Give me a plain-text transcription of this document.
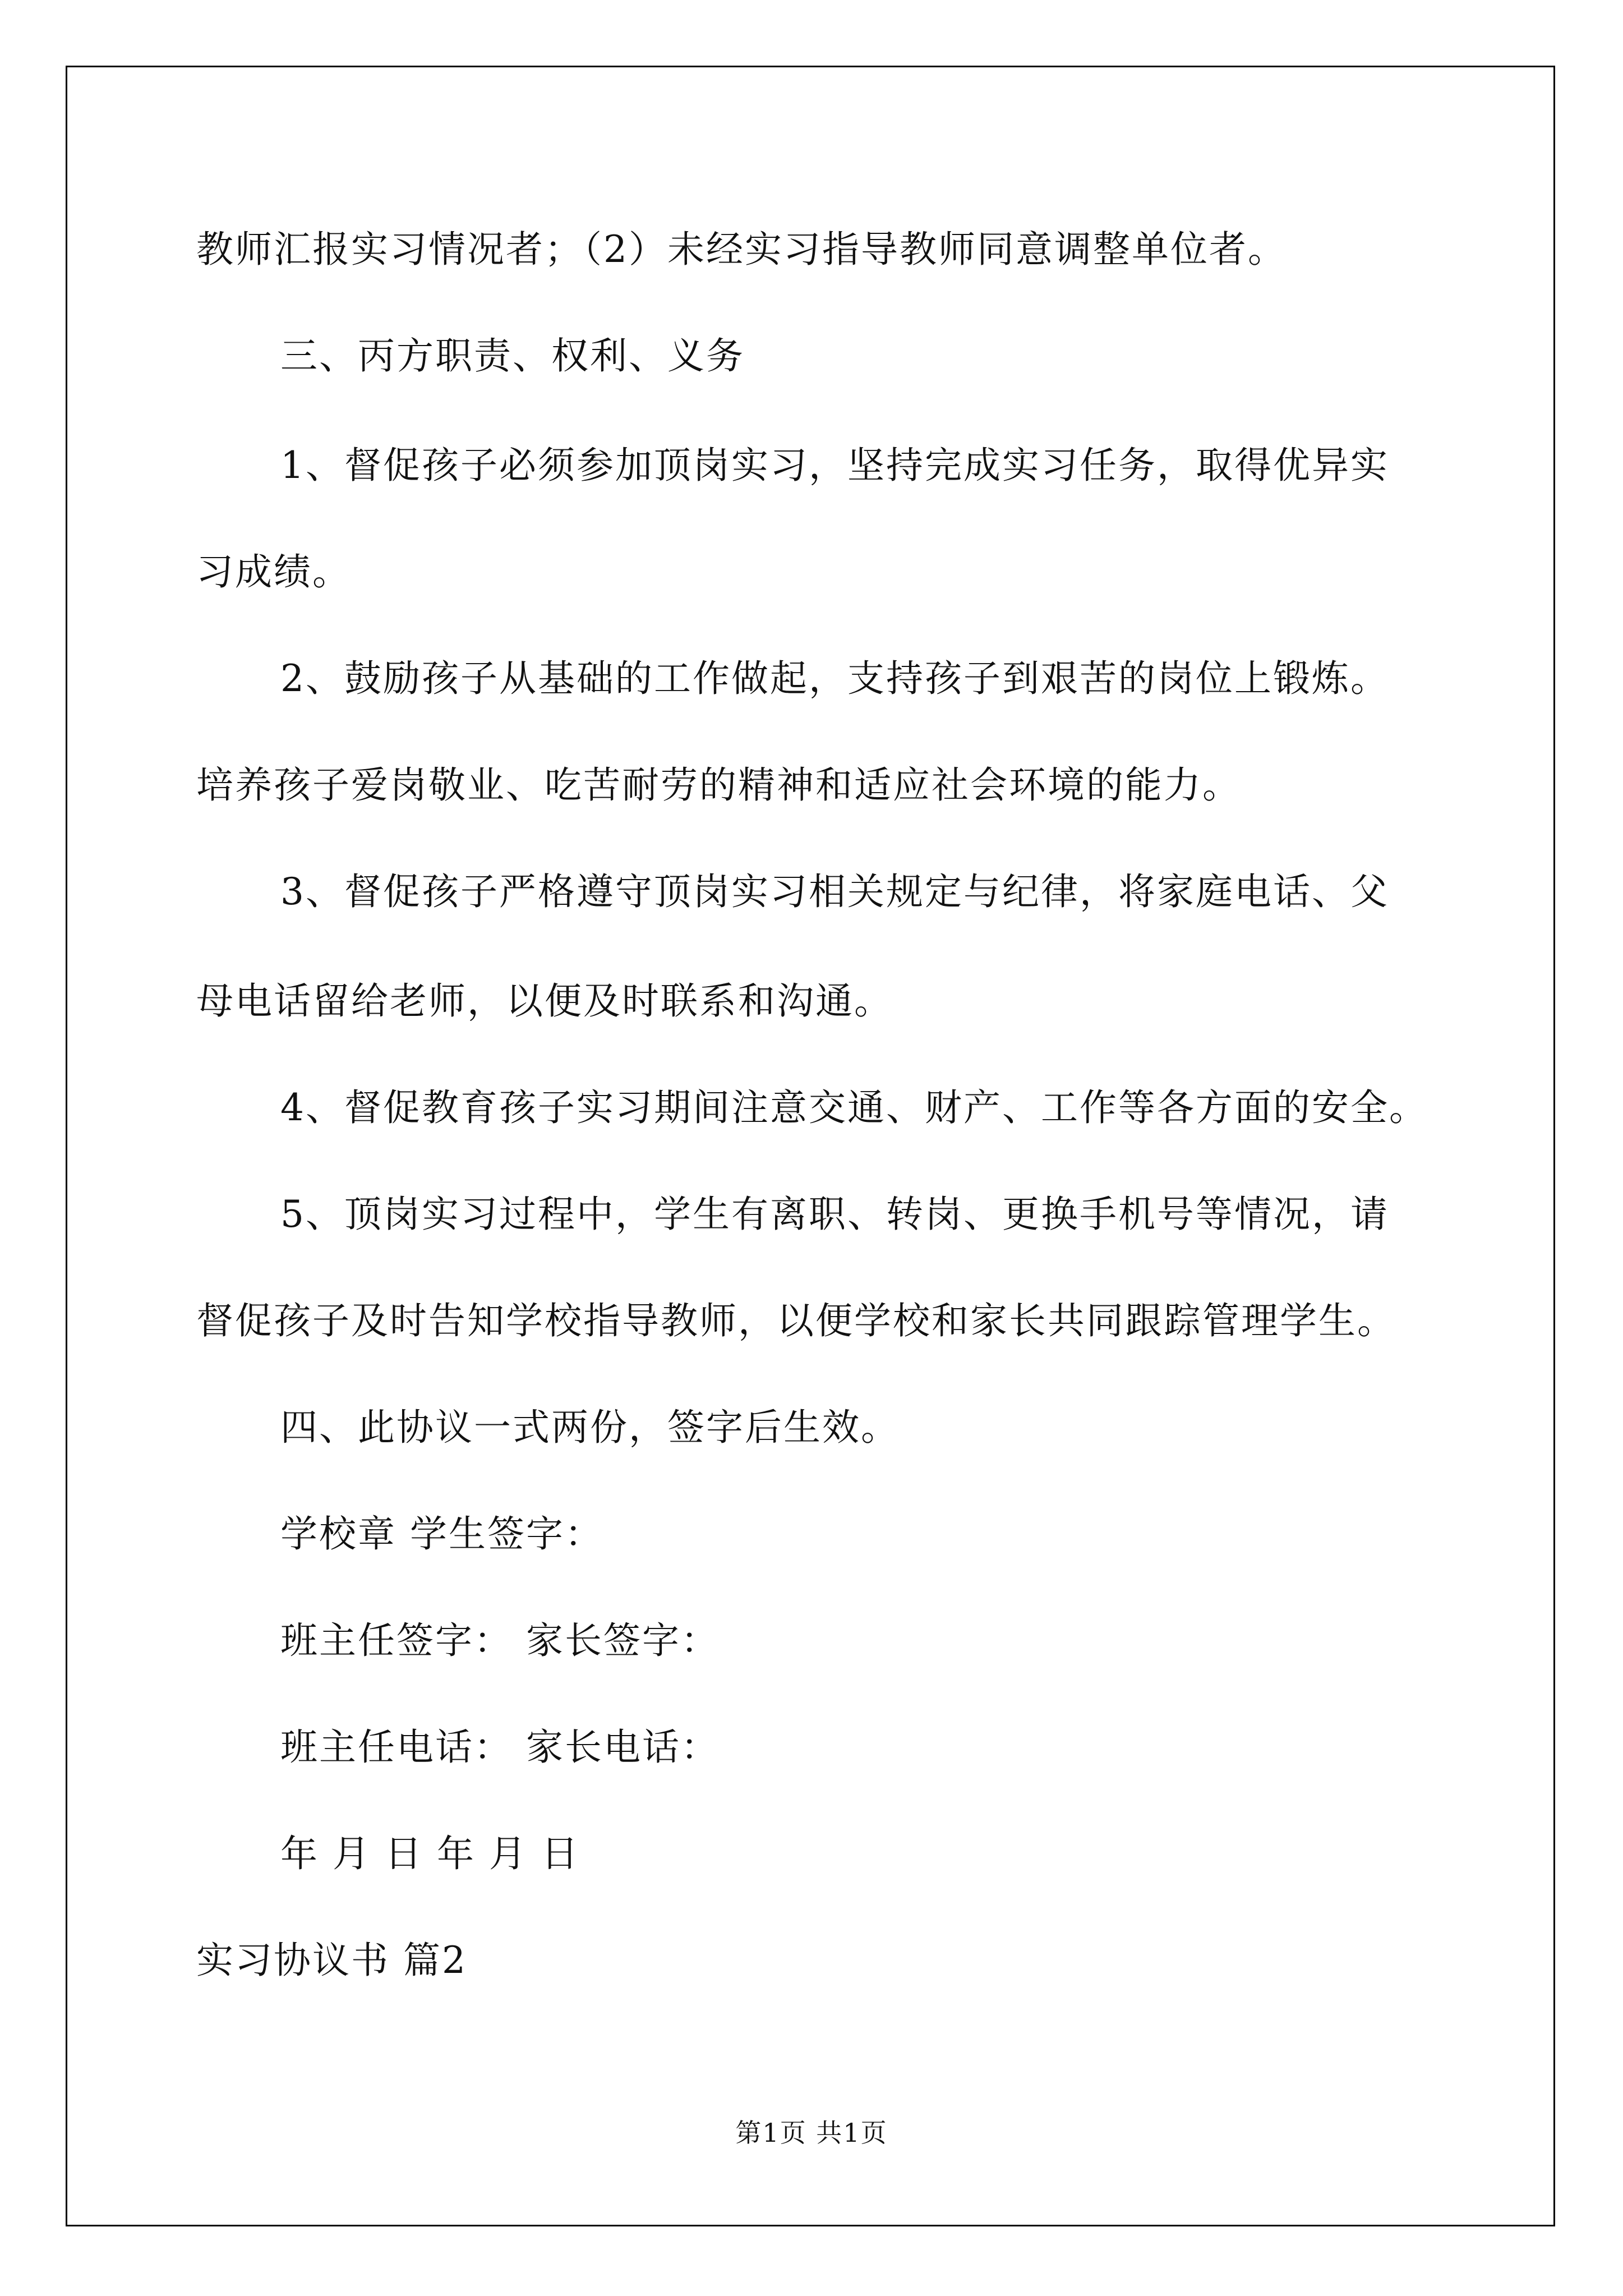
教师汇报实习情况者；（2）未经实习指导教师同意调整单位者。
三、丙方职责、权利、义务
1、督促孩子必须参加顶岗实习，坚持完成实习任务，取得优异实
习成绩。
2、鼓励孩子从基础的工作做起，支持孩子到艰苦的岗位上锻炼。
培养孩子爱岗敬业、吃苦耐劳的精神和适应社会环境的能力。
3、督促孩子严格遵守顶岗实习相关规定与纪律，将家庭电话、父
母电话留给老师，以便及时联系和沟通。
4、督促教育孩子实习期间注意交通、财产、工作等各方面的安全。
5、顶岗实习过程中，学生有离职、转岗、更换手机号等情况，请
督促孩子及时告知学校指导教师，以便学校和家长共同跟踪管理学生。
四、此协议一式两份，签字后生效。
学校章 学生签字：
班主任签字： 家长签字：
班主任电话： 家长电话：
年 月 日 年 月 日
实习协议书 篇2
第1页 共1页
